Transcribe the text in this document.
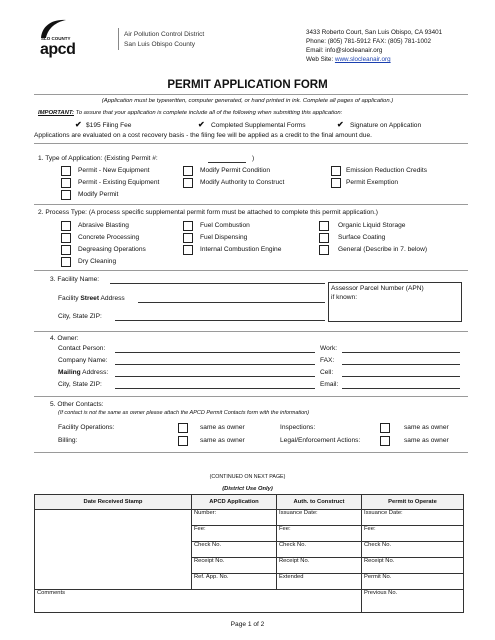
SLO COUNTY
apcd
Air Pollution Control District
San Luis Obispo County
3433 Roberto Court, San Luis Obispo, CA 93401
Phone: (805) 781-5912 FAX: (805) 781-1002
Email: info@slocleanair.org
Web Site: www.slocleanair.org
PERMIT APPLICATION FORM
(Application must be typewritten, computer generated, or hand printed in ink. Complete all pages of application.)
IMPORTANT: To assure that your application is complete include all of the following when submitting this application:
✔ $195 Filing Fee	✔ Completed Supplemental Forms	✔ Signature on Application
Applications are evaluated on a cost recovery basis - the filing fee will be applied as a credit to the final amount due.
1. Type of Application: (Existing Permit #:	)
Permit - New Equipment	Modify Permit Condition	Emission Reduction Credits
Permit - Existing Equipment	Modify Authority to Construct	Permit Exemption
Modify Permit
2. Process Type: (A process specific supplemental permit form must be attached to complete this permit application.)
Abrasive Blasting	Fuel Combustion	Organic Liquid Storage
Concrete Processing	Fuel Dispensing	Surface Coating
Degreasing Operations	Internal Combustion Engine	General (Describe in 7. below)
Dry Cleaning
3. Facility Name:
Facility Street Address
City, State ZIP:
Assessor Parcel Number (APN)
if known:
4. Owner:
Contact Person:	Work:
Company Name:	FAX:
Mailing Address:	Cell:
City, State ZIP:	Email:
5. Other Contacts:
(If contact is not the same as owner please attach the APCD Permit Contacts form with the information)
Facility Operations:	same as owner	Inspections:	same as owner
Billing:	same as owner	Legal/Enforcement Actions:	same as owner
(CONTINUED ON NEXT PAGE)
(District Use Only)
Date Received Stamp	APCD Application	Auth. to Construct	Permit to Operate
	Number:	Issuance Date:	Issuance Date:
	Fee:	Fee:	Fee:
	Check No.	Check No.	Check No.
	Receipt No.	Receipt No.	Receipt No.
	Ref. App. No.	Extended	Permit No.
Comments			Previous No.
Page 1 of 2
